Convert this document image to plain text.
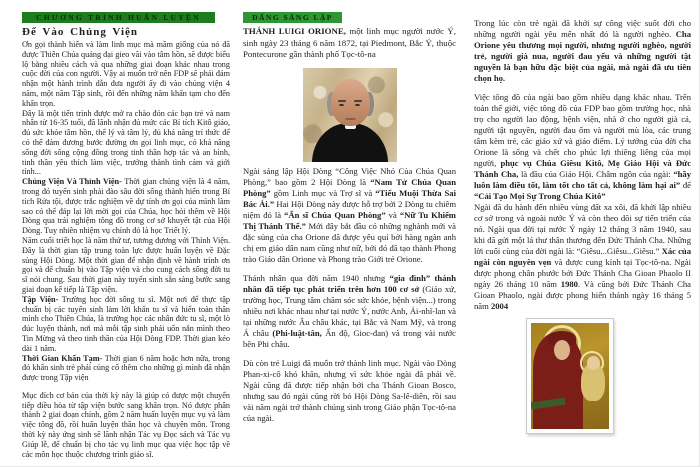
CHƯƠNG TRÌNH HUẤN LUYỆN
Để Vào Chủng Viện

Ơn gọi thành hiến và làm linh mục mà mầm giống của nó đã được Thiên Chúa quảng đại gieo vãi vào tâm hồn, sẽ được biểu lộ bằng nhiều cách và qua những giai đoạn khác nhau trong cuộc đời của con người. Vậy ai muốn trở nên FDP sẽ phải đảm nhận một hành trình dẫn đưa người ấy đi vào chủng viện 4 năm, một năm Tập sinh, rồi đến những năm khấn tạm cho đến khấn trọn.

Đây là một tiến trình được mở ra chào đón các bạn trẻ và nam nhân từ 16-35 tuổi, đã lãnh nhận đủ mức các Bí tích Kitô giáo, đủ sức khỏe tâm hồn, thể lý và tâm lý, đủ khả năng trí thức để có thể đảm đương bước đường ơn gọi linh mục, có khả năng sống đời sống cộng đồng trong tinh thần hợp tác và an bình, tinh thần yêu thích làm việc, trưởng thành tình cảm và giới tính...

Chủng Viện Và Thỉnh Viện- Thời gian chủng viện là 4 năm, trong đó tuyển sinh phải đào sâu đời sống thành hiến trong Bí tích Rửa tội, được trắc nghiệm về dự tính ơn gọi của mình làm sao có thể đáp lại lời mời gọi của Chúa, học hỏi thêm về Hội Dòng qua trải nghiệm tông đồ trong cơ sở khuyết tật của Hội Dòng. Tuy nhiên nhiệm vụ chính đó là học Triết lý.

Năm cuối triết học là năm thứ tư, tương đương với Thỉnh Viện. Đây là thời gian tập trung toàn lực được huấn luyện về Đặc sủng Hội Dòng. Một thời gian để nhận định về hành trình ơn gọi và để chuẩn bị vào Tập viện và cho cung cách sống đời tu sĩ nói chung. Sau thời gian này tuyển sinh sẵn sàng bước sang giai đoạn kế tiếp là Tập viện.

Tập Viện- Trường học đời sống tu sĩ. Một nơi để thực tập chuẩn bị các tuyển sinh làm lời khấn tu sĩ và hiến toàn thân mình cho Thiên Chúa, là trường học các nhân đức tu sĩ, một lò đúc luyện thành, nơi mà mỗi tập sinh phải uốn nắn mình theo Tin Mừng và theo tinh thần của Hội Dòng FDP. Thời gian kéo dài 1 năm.

Thời Gian Khấn Tạm- Thời gian 6 năm hoặc hơn nữa, trong đó khấn sinh trẻ phải củng cố thêm cho những gì mình đã nhận được trong Tập viện

Mục đích cơ bản của thời kỳ này là giúp có được một chuyển tiếp điều hòa từ tập viện bước sang khấn trọn. Nó được phân thành 2 giai đoạn chính, gồm 2 năm huấn luyện mục vụ và làm việc tông đồ, rồi huấn luyện thần học và chuyên môn. Trong thời kỳ này ứng sinh sẽ lãnh nhận Tác vụ Đọc sách và Tác vụ Giúp lễ, để chuẩn bị cho tác vụ linh mục qua việc học tập về các môn học thuộc chương trình giáo sĩ.

ĐẤNG SÁNG LẬP

THÁNH LUIGI ORIONE, một linh mục người nước Ý, sinh ngày 23 tháng 6 năm 1872, tại Piedmont, Bắc Ý, thuộc Pontecurone gần thành phố Tọc-tô-na

Ngài sáng lập Hội Dòng “Công Việc Nhỏ Của Chúa Quan Phòng,” bao gồm 2 Hội Dòng là “Nam Tử Chúa Quan Phòng” gồm Linh mục và Trợ sĩ và “Tiểu Muội Thừa Sai Bác Ái.” Hai Hội Dòng này được hỗ trợ bởi 2 Dòng tu chiêm niệm đó là “Ẩn sĩ Chúa Quan Phòng” và “Nữ Tu Khiếm Thị Thánh Thể.” Mới đây bắt đầu có những nghành mới và đặc sủng của cha Orione đã được yêu quí bởi hàng ngàn anh chị em giáo dân nam cũng như nữ, bởi đó đã tạo thành Phong trào Giáo dân Orione và Phong trào Giới trẻ Orione.

Thánh nhân qua đời năm 1940 nhưng “gia đình” thánh nhân đã tiếp tục phát triển trên hơn 100 cơ sở (Giáo xứ, trường học, Trung tâm chăm sóc sức khỏe, bệnh viện...) trong nhiều nơi khác nhau như tại nước Ý, nước Anh, Ái-nhĩ-lan và tại những nước Âu châu khác, tại Bắc và Nam Mỹ, và trong Á châu (Phi-luật-tân, Ấn độ, Gioc-đan) và trong vài nước bên Phi châu.

Dù còn trẻ Luigi đã muốn trở thành linh mục. Ngài vào Dòng Phan-xi-cô khó khăn, nhưng vì sức khỏe ngài đã phải về. Ngài cũng đã được tiếp nhận bởi cha Thánh Gioan Bosco, nhưng sau đó ngài cũng rời bỏ Hội Dòng Sa-lê-diên, rồi sau vài năm ngài trở thành chúng sinh trong Giáo phận Tọc-tô-na của ngài.

Trong lúc còn trẻ ngài đã khởi sự công việc suốt đời cho những người ngài yêu mến nhất đó là người nghèo. Cha Orione yêu thương mọi người, nhưng người nghèo, người trẻ, người già nua, người đau yếu và những người tật nguyền là bạn hữu đặc biệt của ngài, mà ngài đã ưu tiên chọn họ.

Việc tông đồ của ngài bao gồm nhiều dạng khác nhau. Trên toàn thế giới, việc tông đồ của FDP bao gồm trường học, nhà trọ cho người lao động, bệnh viện, nhà ở cho người già cả, người tật nguyền, người đau ốm và người mù lòa, các trung tâm kèm trẻ, các giáo xứ và giáo điểm. Lý tưởng của đời cha Orione là sống và chết cho phúc lợi thiêng liêng của mọi người, phục vụ Chúa Giêsu Kitô, Mẹ Giáo Hội và Đức Thánh Cha, là đầu của Giáo Hội. Châm ngôn của ngài: “hãy luôn làm điều tốt, làm tốt cho tất cả, không làm hại ai” để “Cải Tạo Mọi Sự Trong Chúa Kitô”

Ngài đã du hành đến nhiều vùng đất xa xôi, đã khởi lập nhiều cơ sở trong và ngoài nước Ý và còn theo dõi sự tiến triển của nó. Ngài qua đời tại nước Ý ngày 12 tháng 3 năm 1940, sau khi đã gửi một lá thư thân thương đến Đức Thánh Cha. Những lời cuối cùng của đời ngài là: “Giêsu...Giêsu...Giêsu.” Xác của ngài còn nguyên vẹn và được cung kính tại Tọc-tô-na. Ngài được phong chân phước bởi Đức Thánh Cha Gioan Phaolo II ngày 26 tháng 10 năm 1980. Và cũng bởi Đức Thánh Cha Gioan Phaolo, ngài được phong hiển thánh ngày 16 tháng 5 năm 2004
